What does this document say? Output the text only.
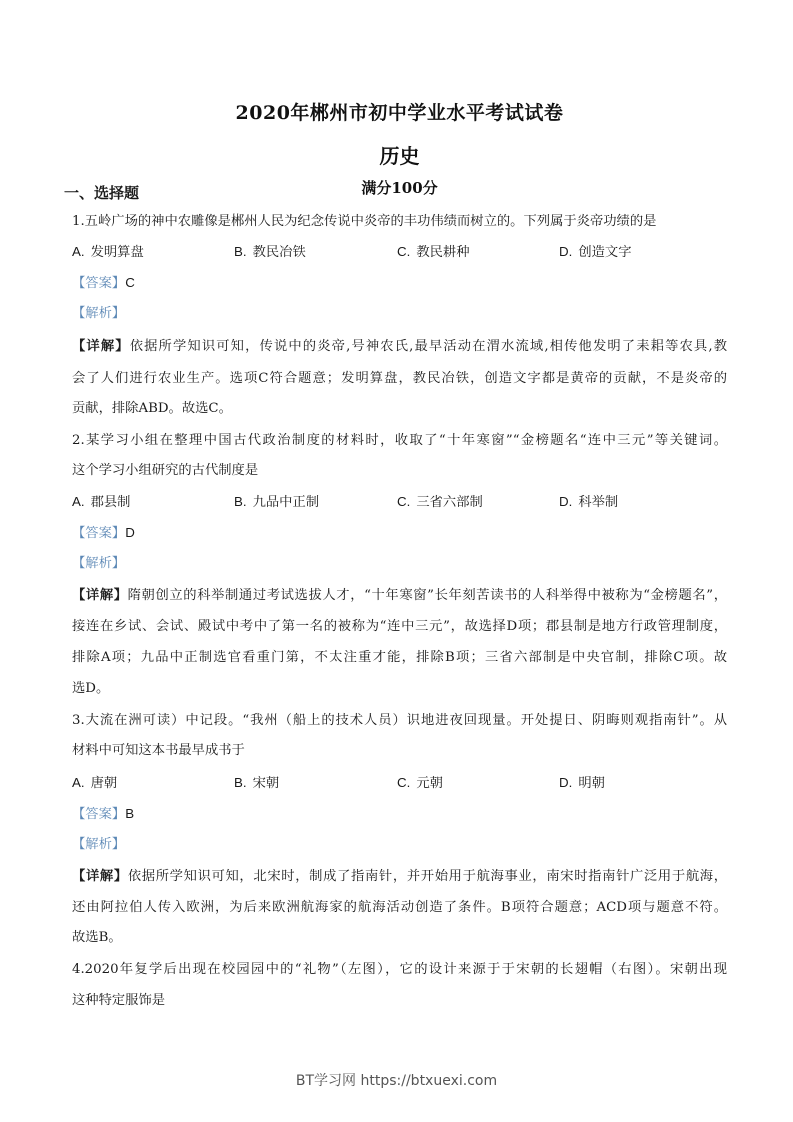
2020年郴州市初中学业水平考试试卷
历史
满分100分
一、选择题
1.五岭广场的神中农雕像是郴州人民为纪念传说中炎帝的丰功伟绩而树立的。下列属于炎帝功绩的是
A. 发明算盘	B. 教民冶铁	C. 教民耕种	D. 创造文字
【答案】C
【解析】
【详解】依据所学知识可知，传说中的炎帝,号神农氏,最早活动在渭水流域,相传他发明了耒耜等农具,教
会了人们进行农业生产。选项C符合题意；发明算盘，教民冶铁，创造文字都是黄帝的贡献，不是炎帝的
贡献，排除ABD。故选C。
2.某学习小组在整理中国古代政治制度的材料时，收取了“十年寒窗”“金榜题名“连中三元”等关键词。
这个学习小组研究的古代制度是
A. 郡县制	B. 九品中正制	C. 三省六部制	D. 科举制
【答案】D
【解析】
【详解】隋朝创立的科举制通过考试选拔人才，“十年寒窗”长年刻苦读书的人科举得中被称为“金榜题名”，
接连在乡试、会试、殿试中考中了第一名的被称为“连中三元”，故选择D项；郡县制是地方行政管理制度，
排除A项；九品中正制选官看重门第，不太注重才能，排除B项；三省六部制是中央官制，排除C项。故
选D。
3.大流在洲可读）中记段。“我州（船上的技术人员）识地进夜回现量。开处提日、阴晦则观指南针”。从
材料中可知这本书最早成书于
A. 唐朝	B. 宋朝	C. 元朝	D. 明朝
【答案】B
【解析】
【详解】依据所学知识可知，北宋时，制成了指南针，并开始用于航海事业，南宋时指南针广泛用于航海，
还由阿拉伯人传入欧洲，为后来欧洲航海家的航海活动创造了条件。B项符合题意；ACD项与题意不符。
故选B。
4.2020年复学后出现在校园园中的“礼物”（左图），它的设计来源于于宋朝的长翅帽（右图）。宋朝出现
这种特定服饰是
BT学习网 https://btxuexi.com
